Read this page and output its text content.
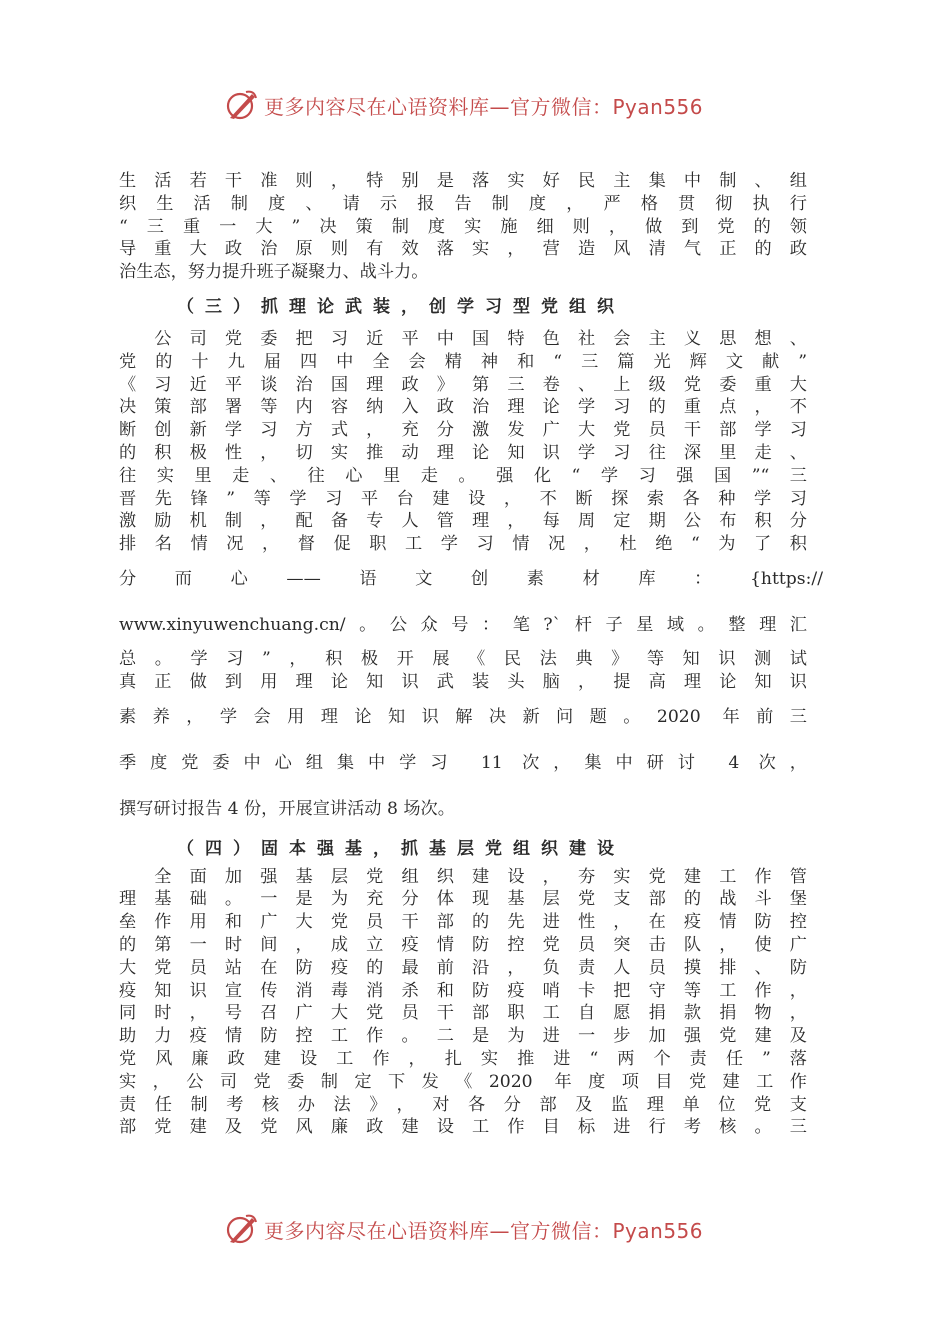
更多内容尽在心语资料库—官方微信：Pyan556
生活若干准则，特别是落实好民主集中制、组
织生活制度、请示报告制度，严格贯彻执行
“三重一大”决策制度实施细则，做到党的领
导重大政治原则有效落实，营造风清气正的政
治生态，努力提升班子凝聚力、战斗力。
（三）抓理论武装，创学习型党组织
　公司党委把习近平中国特色社会主义思想、
党的十九届四中全会精神和“三篇光辉文献”
《习近平谈治国理政》第三卷、上级党委重大
决策部署等内容纳入政治理论学习的重点，不
断创新学习方式，充分激发广大党员干部学习
的积极性，切实推动理论知识学习往深里走、
往实里走、往心里走。强化“学习强国”“三
晋先锋”等学习平台建设，不断探索各种学习
激励机制，配备专人管理，每周定期公布积分
排名情况，督促职工学习情况，杜绝“为了积
分而心——语文创素材库：{https://
www.xinyuwenchuang.cn/。公众号：笔?`杆子星域。整理汇
总。学习”，积极开展《民法典》等知识测试
真正做到用理论知识武装头脑，提高理论知识
素养，学会用理论知识解决新问题。2020 年前三
季度党委中心组集中学习 11 次，集中研讨 4 次，
撰写研讨报告 4 份，开展宣讲活动 8 场次。
（四）固本强基，抓基层党组织建设
　全面加强基层党组织建设，夯实党建工作管
理基础。一是为充分体现基层党支部的战斗堡
垒作用和广大党员干部的先进性，在疫情防控
的第一时间，成立疫情防控党员突击队，使广
大党员站在防疫的最前沿，负责人员摸排、防
疫知识宣传消毒消杀和防疫哨卡把守等工作，
同时，号召广大党员干部职工自愿捐款捐物，
助力疫情防控工作。二是为进一步加强党建及
党风廉政建设工作，扎实推进“两个责任”落
实，公司党委制定下发《2020 年度项目党建工作
责任制考核办法》，对各分部及监理单位党支
部党建及党风廉政建设工作目标进行考核。三
更多内容尽在心语资料库—官方微信：Pyan556
